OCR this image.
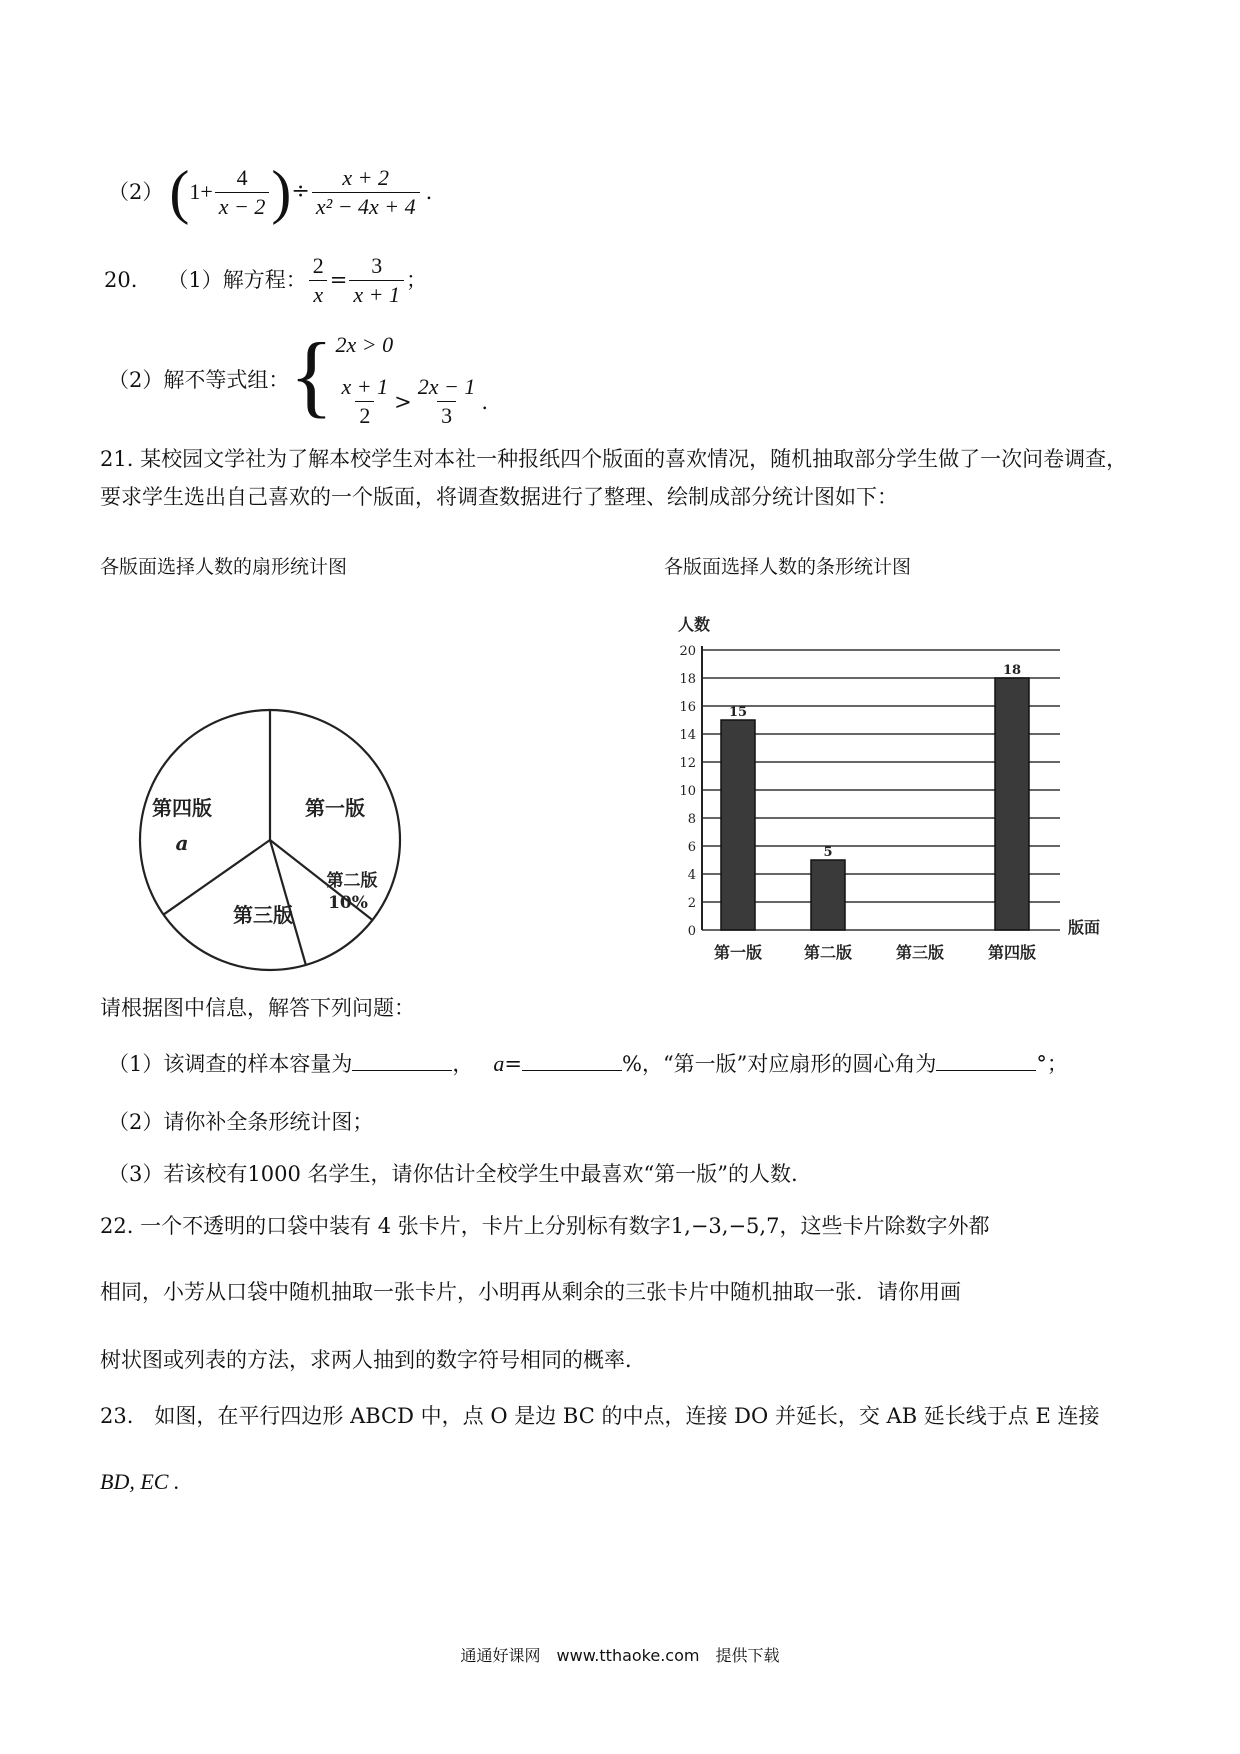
（2） ( $1+ \frac{4}{x - 2}$ ) ÷ $\frac{x + 2}{\text{x² − 4x + 4}}$ .
20. （1）解方程： $\frac{2}{x} = \frac{3}{x + 1}$ ；
（2）解不等式组： { 2x > 0
$\frac{x + 1}{2} > \frac{2x - 1}{3}$ .
21. 某校园文学社为了解本校学生对本社一种报纸四个版面的喜欢情况，随机抽取部分学生做了一次问卷调查，要求学生选出自己喜欢的一个版面，将调查数据进行了整理、绘制成部分统计图如下：
各版面选择人数的扇形统计图	各版面选择人数的条形统计图
第一版
第二版
10%
第三版
第四版
a
人数
0
2
4
6
8
10
12
14
16
18
20
版面
15
第一版
5
第二版	第三版
18
第四版
请根据图中信息，解答下列问题：
（1）该调查的样本容量为	， a =	%，“第一版”对应扇形的圆心角为	°；
（2）请你补全条形统计图；
（3）若该校有1000 名学生，请你估计全校学生中最喜欢“第一版”的人数.
22. 一个不透明的口袋中装有 4 张卡片，卡片上分别标有数字1,−3,−5,7，这些卡片除数字外都
相同，小芳从口袋中随机抽取一张卡片，小明再从剩余的三张卡片中随机抽取一张．请你用画
树状图或列表的方法，求两人抽到的数字符号相同的概率．
23.　如图，在平行四边形 ABCD 中，点 O 是边 BC 的中点，连接 DO 并延长，交 AB 延长线于点 E 连接
BD, EC .
通通好课网　www.tthaoke.com　提供下载
